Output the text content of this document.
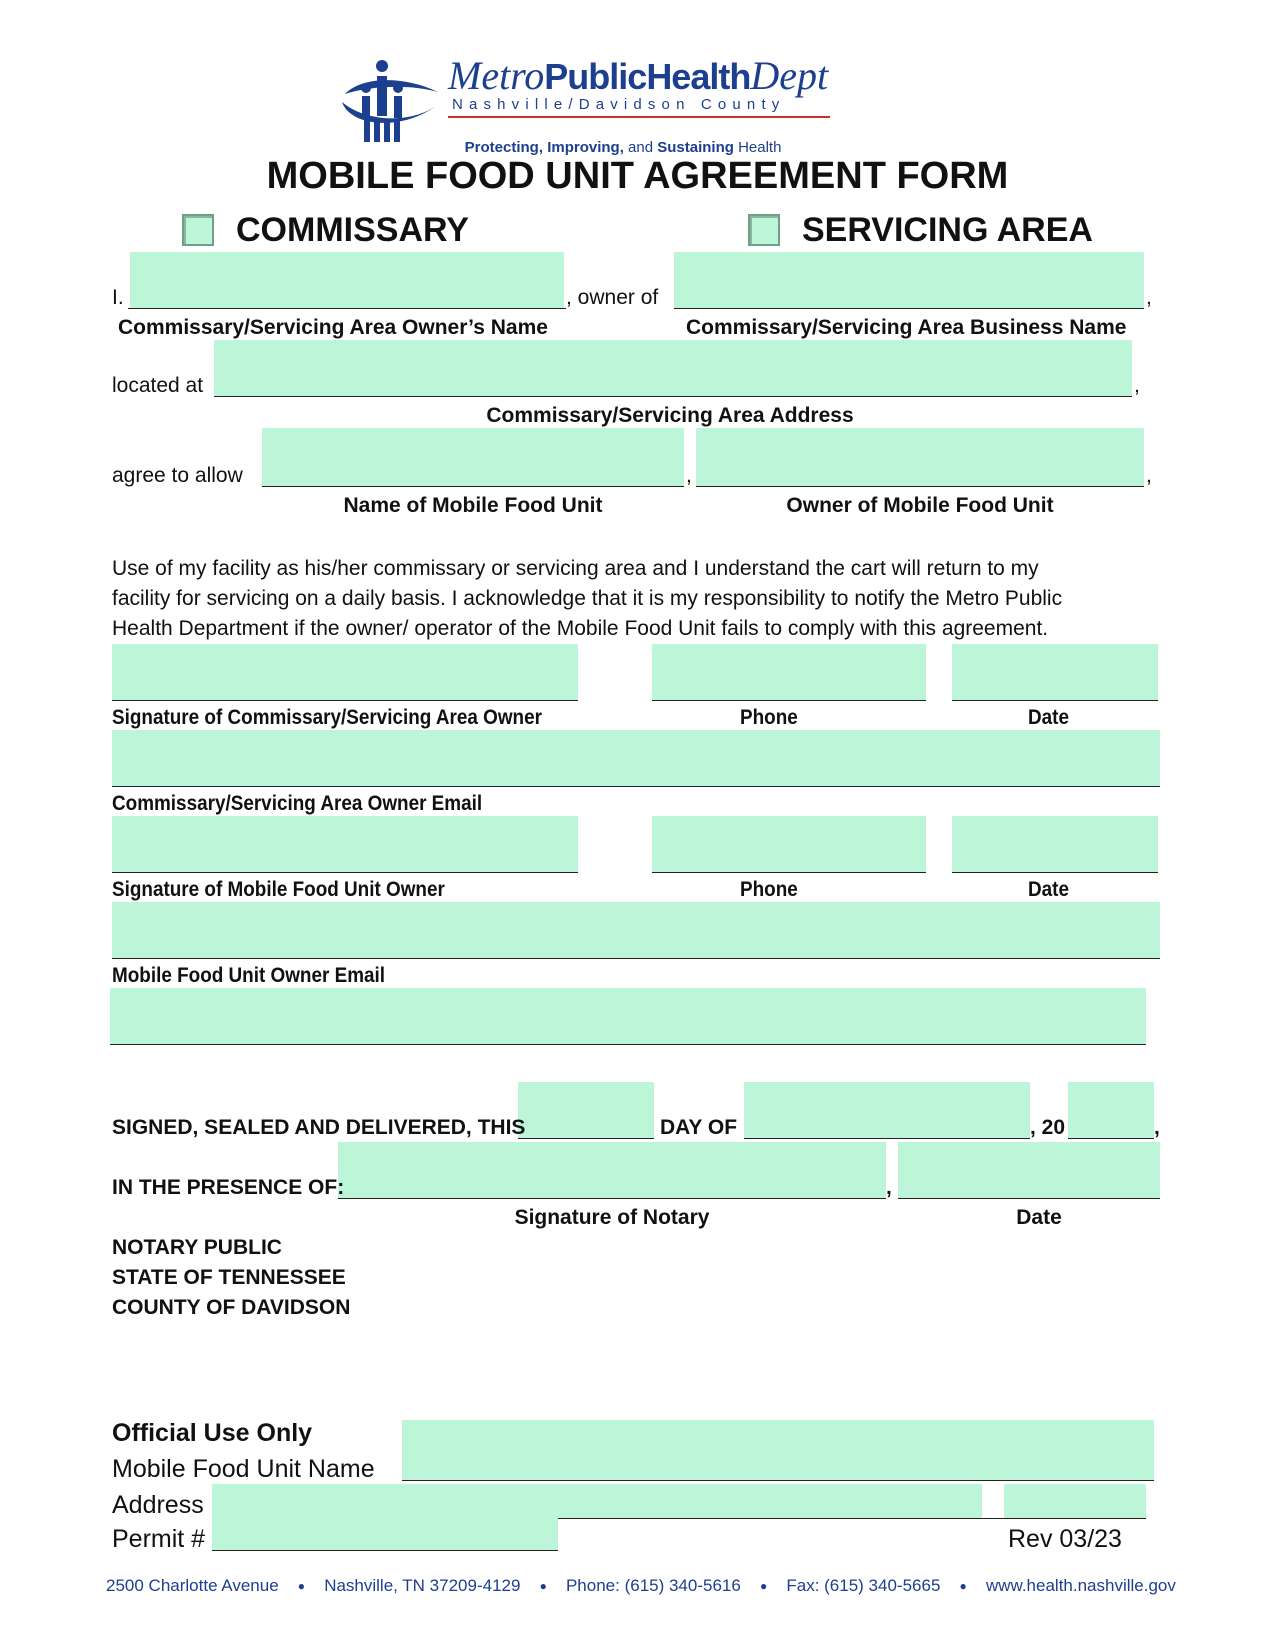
MetroPublicHealthDept
N a s h v i l l e / D a v i d s o n   C o u n t y

Protecting, Improving, and Sustaining Health

MOBILE FOOD UNIT AGREEMENT FORM
COMMISSARY	SERVICING AREA
I.	, owner of	,
Commissary/Servicing Area Owner’s Name	Commissary/Servicing Area Business Name
located at	,
Commissary/Servicing Area Address
agree to allow	,	,
Name of Mobile Food Unit	Owner of Mobile Food Unit
Use of my facility as his/her commissary or servicing area and I understand the cart will return to my
facility for servicing on a daily basis. I acknowledge that it is my responsibility to notify the Metro Public
Health Department if the owner/ operator of the Mobile Food Unit fails to comply with this agreement.
Signature of Commissary/Servicing Area Owner	Phone	Date
Commissary/Servicing Area Owner Email
Signature of Mobile Food Unit Owner	Phone	Date
Mobile Food Unit Owner Email
SIGNED, SEALED AND DELIVERED, THIS	DAY OF	, 20	,
IN THE PRESENCE OF:	,
Signature of Notary	Date
NOTARY PUBLIC
STATE OF TENNESSEE
COUNTY OF DAVIDSON
Official Use Only
Mobile Food Unit Name
Address
Permit #	Rev 03/23
2500 Charlotte Avenue ● Nashville, TN 37209-4129 ● Phone: (615) 340-5616 ● Fax: (615) 340-5665 ● www.health.nashville.gov
